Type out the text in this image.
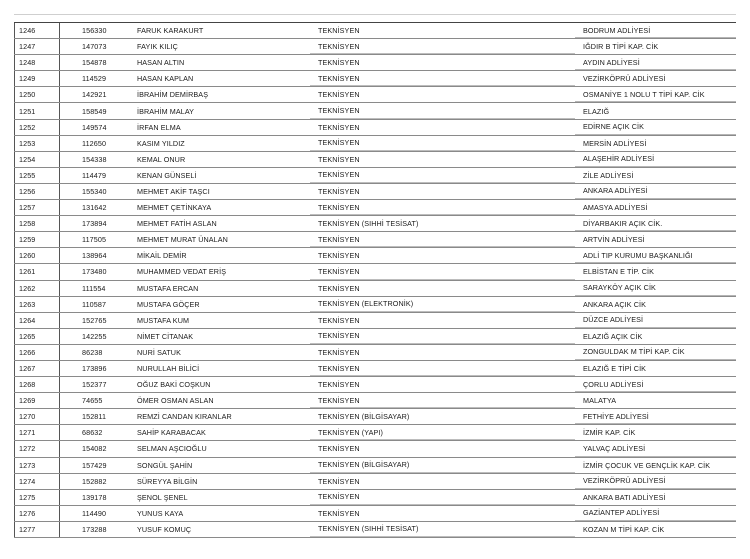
1246	156330	FARUK KARAKURT	TEKNİSYEN	BODRUM ADLİYESİ
1247	147073	FAYIK KILIÇ	TEKNİSYEN	IĞDIR B TİPİ KAP. CİK
1248	154878	HASAN ALTIN	TEKNİSYEN	AYDIN ADLİYESİ
1249	114529	HASAN KAPLAN	TEKNİSYEN	VEZİRKÖPRÜ ADLİYESİ
1250	142921	İBRAHİM DEMİRBAŞ	TEKNİSYEN	OSMANİYE 1 NOLU T TİPİ KAP. CİK
1251	158549	İBRAHİM MALAY	TEKNİSYEN	ELAZIĞ
1252	149574	İRFAN ELMA	TEKNİSYEN	EDİRNE AÇIK CİK
1253	112650	KASIM YILDIZ	TEKNİSYEN	MERSİN ADLİYESİ
1254	154338	KEMAL ONUR	TEKNİSYEN	ALAŞEHİR ADLİYESİ
1255	114479	KENAN GÜNSELİ	TEKNİSYEN	ZİLE ADLİYESİ
1256	155340	MEHMET AKİF TAŞCI	TEKNİSYEN	ANKARA ADLİYESİ
1257	131642	MEHMET ÇETİNKAYA	TEKNİSYEN	AMASYA ADLİYESİ
1258	173894	MEHMET FATİH ASLAN	TEKNİSYEN (SIHHİ TESİSAT)	DİYARBAKIR AÇIK CİK.
1259	117505	MEHMET MURAT ÜNALAN	TEKNİSYEN	ARTVİN ADLİYESİ
1260	138964	MİKAİL DEMİR	TEKNİSYEN	ADLİ TIP KURUMU BAŞKANLIĞI
1261	173480	MUHAMMED VEDAT ERİŞ	TEKNİSYEN	ELBİSTAN E TİP. CİK
1262	111554	MUSTAFA ERCAN	TEKNİSYEN	SARAYKÖY AÇIK CİK
1263	110587	MUSTAFA GÖÇER	TEKNİSYEN (ELEKTRONİK)	ANKARA AÇIK CİK
1264	152765	MUSTAFA KUM	TEKNİSYEN	DÜZCE ADLİYESİ
1265	142255	NİMET CİTANAK	TEKNİSYEN	ELAZIĞ AÇIK CİK
1266	86238	NURİ SATUK	TEKNİSYEN	ZONGULDAK M TİPİ KAP. CİK
1267	173896	NURULLAH BİLİCİ	TEKNİSYEN	ELAZIĞ E TİPİ CİK
1268	152377	OĞUZ BAKİ COŞKUN	TEKNİSYEN	ÇORLU ADLİYESİ
1269	74655	ÖMER OSMAN ASLAN	TEKNİSYEN	MALATYA
1270	152811	REMZİ CANDAN KIRANLAR	TEKNİSYEN (BİLGİSAYAR)	FETHİYE ADLİYESİ
1271	68632	SAHİP KARABACAK	TEKNİSYEN (YAPI)	İZMİR KAP. CİK
1272	154082	SELMAN AŞCIOĞLU	TEKNİSYEN	YALVAÇ ADLİYESİ
1273	157429	SONGÜL ŞAHİN	TEKNİSYEN (BİLGİSAYAR)	İZMİR ÇOCUK VE GENÇLİK KAP. CİK
1274	152882	SÜREYYA BİLGİN	TEKNİSYEN	VEZİRKÖPRÜ ADLİYESİ
1275	139178	ŞENOL ŞENEL	TEKNİSYEN	ANKARA BATI ADLİYESİ
1276	114490	YUNUS KAYA	TEKNİSYEN	GAZİANTEP ADLİYESİ
1277	173288	YUSUF KOMUÇ	TEKNİSYEN (SIHHİ TESİSAT)	KOZAN M TİPİ KAP. CİK
